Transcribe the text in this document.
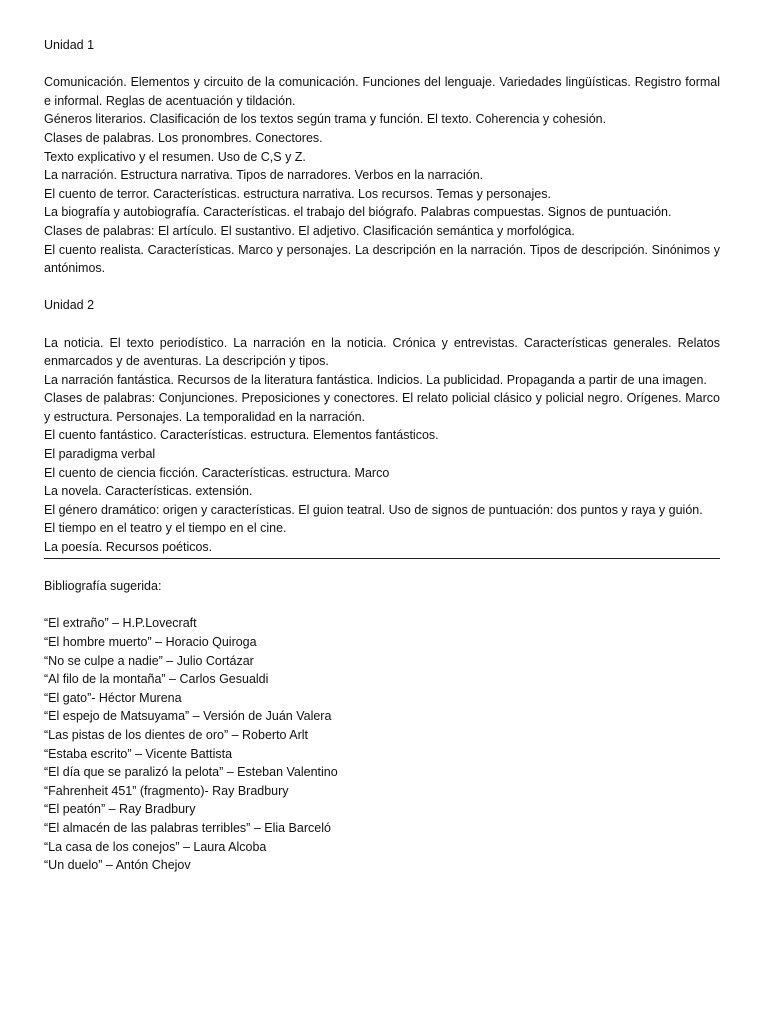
Unidad 1

Comunicación. Elementos y circuito de la comunicación. Funciones del lenguaje. Variedades lingüísticas. Registro formal e informal. Reglas de acentuación y tildación.

Géneros literarios. Clasificación de los textos según trama y función. El texto. Coherencia y cohesión.

Clases de palabras. Los pronombres. Conectores.

Texto explicativo y el resumen. Uso de C,S y Z.

La narración. Estructura narrativa. Tipos de narradores. Verbos en la narración.

El cuento de terror. Características. estructura narrativa. Los recursos. Temas y personajes.

La biografía y autobiografía. Características. el trabajo del biógrafo. Palabras compuestas. Signos de puntuación.

Clases de palabras: El artículo. El sustantivo. El adjetivo. Clasificación semántica y morfológica.

El cuento realista. Características. Marco y personajes. La descripción en la narración. Tipos de descripción. Sinónimos y antónimos.

Unidad 2

La noticia. El texto periodístico. La narración en la noticia. Crónica y entrevistas. Características generales. Relatos enmarcados y de aventuras. La descripción y tipos.

La narración fantástica. Recursos de la literatura fantástica. Indicios. La publicidad. Propaganda a partir de una imagen.

Clases de palabras: Conjunciones. Preposiciones y conectores. El relato policial clásico y policial negro. Orígenes. Marco y estructura. Personajes. La temporalidad en la narración.

El cuento fantástico. Características. estructura. Elementos fantásticos.

El paradigma verbal

El cuento de ciencia ficción. Características. estructura. Marco

La novela. Características. extensión.

El género dramático: origen y características. El guion teatral. Uso de signos de puntuación: dos puntos y raya y guión.

El tiempo en el teatro y el tiempo en el cine.

La poesía. Recursos poéticos.

Bibliografía sugerida:

“El extraño” – H.P.Lovecraft

“El hombre muerto” – Horacio Quiroga

“No se culpe a nadie” – Julio Cortázar

“Al filo de la montaña” – Carlos Gesualdi

“El gato”- Héctor Murena

“El espejo de Matsuyama” – Versión de Juán Valera

“Las pistas de los dientes de oro” – Roberto Arlt

“Estaba escrito” – Vicente Battista

“El día que se paralizó la pelota” – Esteban Valentino

“Fahrenheit 451” (fragmento)- Ray Bradbury

“El peatón” – Ray Bradbury

“El almacén de las palabras terribles” – Elia Barceló

“La casa de los conejos” – Laura Alcoba

“Un duelo” – Antón Chejov
